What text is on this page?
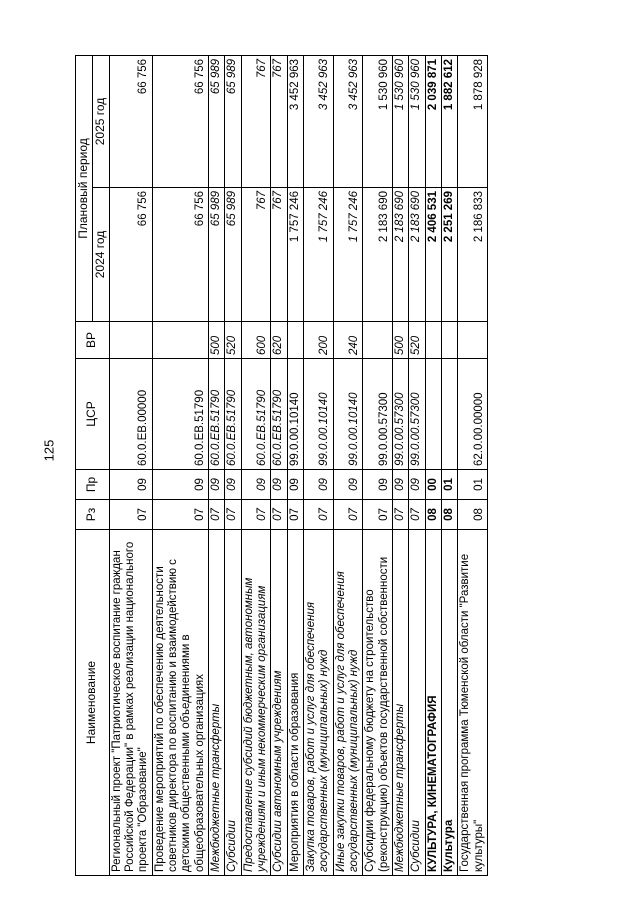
125
Наименование	Рз	Пр	ЦСР	ВР	Плановый период	
					2024 год	2025 год
Региональный проект "Патриотическое воспитание граждан Российской Федерации" в рамках реализации национального проекта "Образование"	07	09	60.0.EB.00000		66 756	66 756
Проведение мероприятий по обеспечению деятельности советников директора по воспитанию и взаимодействию с детскими общественными объединениями в общеобразовательных организациях	07	09	60.0.EB.51790		66 756	66 756
Межбюджетные трансферты	07	09	60.0.EB.51790	500	65 989	65 989
Субсидии	07	09	60.0.EB.51790	520	65 989	65 989
Предоставление субсидий бюджетным, автономным учреждениям и иным некоммерческим организациям	07	09	60.0.EB.51790	600	767	767
Субсидии автономным учреждениям	07	09	60.0.EB.51790	620	767	767
Мероприятия в области образования	07	09	99.0.00.10140		1 757 246	3 452 963
Закупка товаров, работ и услуг для обеспечения государственных (муниципальных) нужд	07	09	99.0.00.10140	200	1 757 246	3 452 963
Иные закупки товаров, работ и услуг для обеспечения государственных (муниципальных) нужд	07	09	99.0.00.10140	240	1 757 246	3 452 963
Субсидии федеральному бюджету на строительство (реконструкцию) объектов государственной собственности	07	09	99.0.00.57300		2 183 690	1 530 960
Межбюджетные трансферты	07	09	99.0.00.57300	500	2 183 690	1 530 960
Субсидии	07	09	99.0.00.57300	520	2 183 690	1 530 960
КУЛЬТУРА, КИНЕМАТОГРАФИЯ	08	00			2 406 531	2 039 871
Культура	08	01			2 251 269	1 882 612
Государственная программа Тюменской области "Развитие культуры"	08	01	62.0.00.00000		2 186 833	1 878 928
